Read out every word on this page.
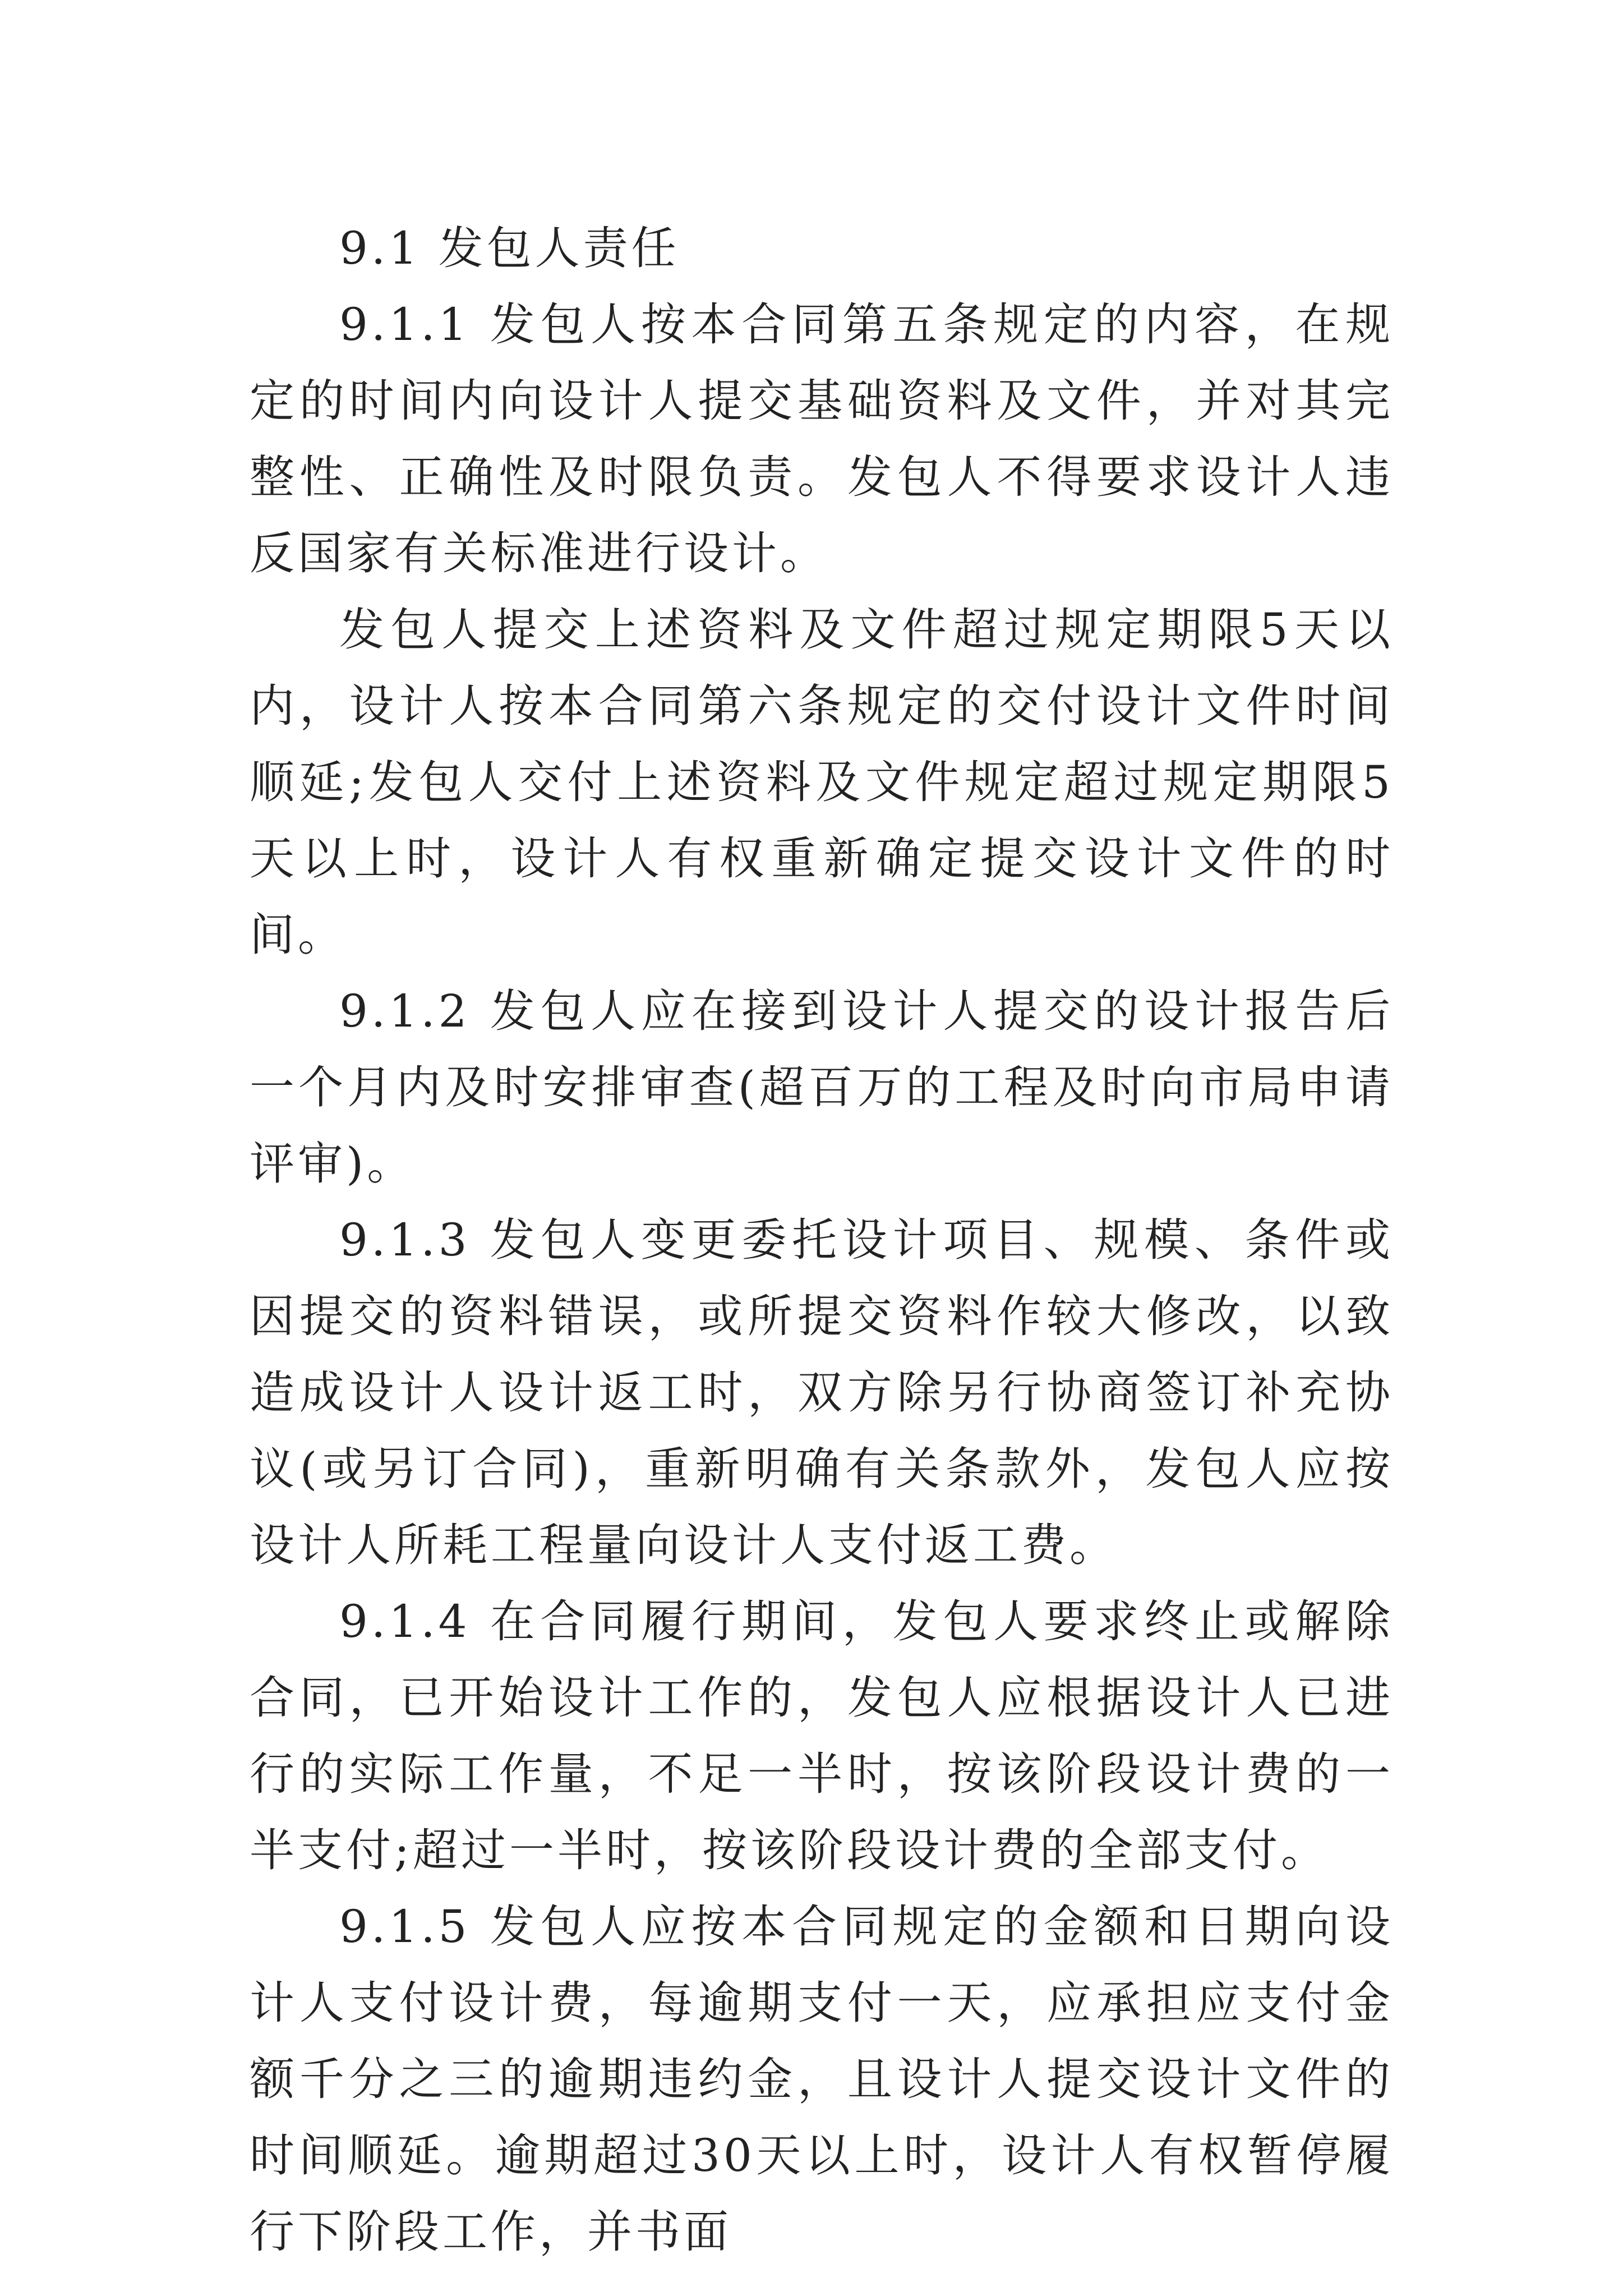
9.1 发包人责任

9.1.1 发包人按本合同第五条规定的内容，在规定的时间内向设计人提交基础资料及文件，并对其完整性、正确性及时限负责。发包人不得要求设计人违反国家有关标准进行设计。

发包人提交上述资料及文件超过规定期限5天以内，设计人按本合同第六条规定的交付设计文件时间顺延;发包人交付上述资料及文件规定超过规定期限5天以上时，设计人有权重新确定提交设计文件的时间。

9.1.2 发包人应在接到设计人提交的设计报告后一个月内及时安排审查(超百万的工程及时向市局申请评审)。

9.1.3 发包人变更委托设计项目、规模、条件或因提交的资料错误，或所提交资料作较大修改，以致造成设计人设计返工时，双方除另行协商签订补充协议(或另订合同)，重新明确有关条款外，发包人应按设计人所耗工程量向设计人支付返工费。

9.1.4 在合同履行期间，发包人要求终止或解除合同，已开始设计工作的，发包人应根据设计人已进行的实际工作量，不足一半时，按该阶段设计费的一半支付;超过一半时，按该阶段设计费的全部支付。

9.1.5 发包人应按本合同规定的金额和日期向设计人支付设计费，每逾期支付一天，应承担应支付金额千分之三的逾期违约金，且设计人提交设计文件的时间顺延。逾期超过30天以上时，设计人有权暂停履行下阶段工作，并书面
